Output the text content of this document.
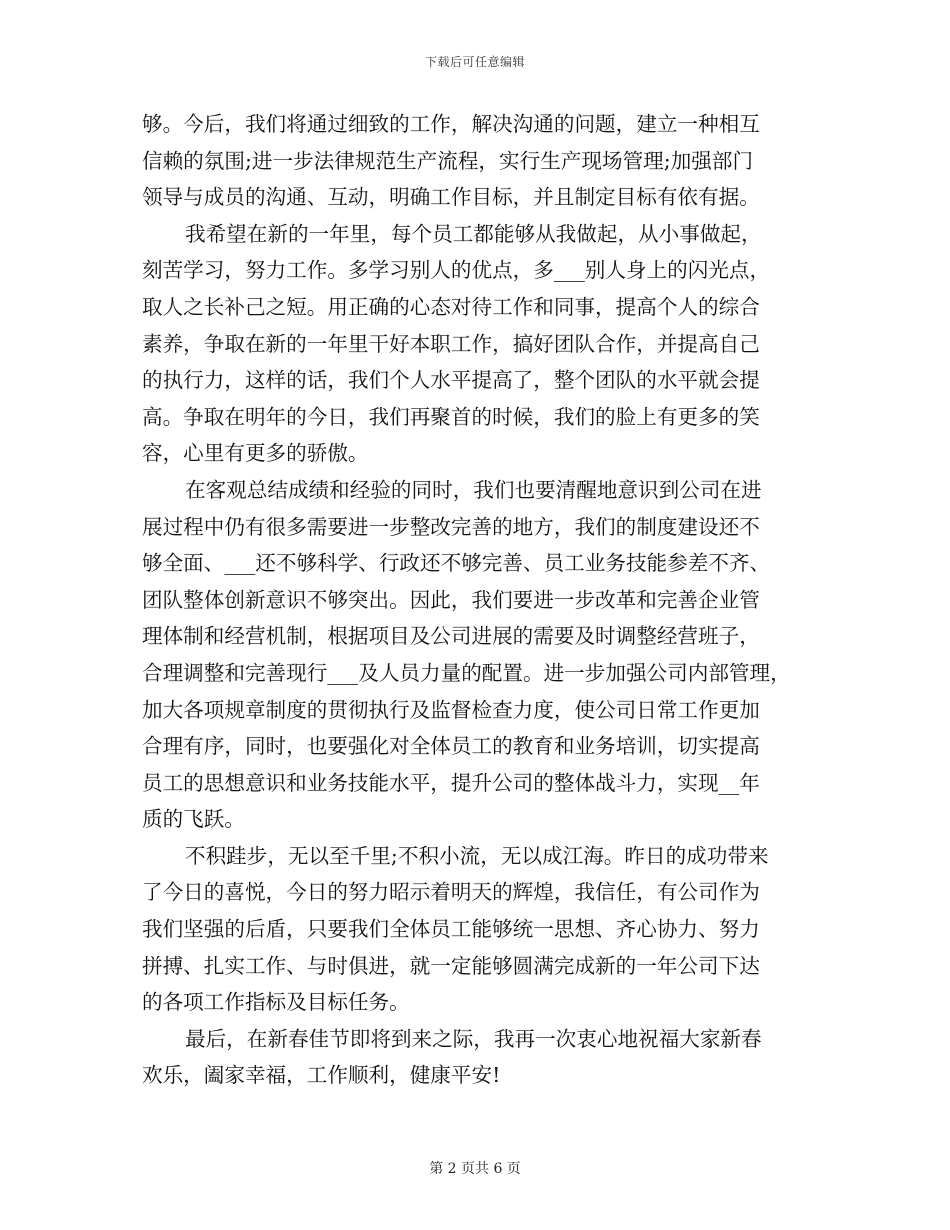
下载后可任意编辑
够。今后，我们将通过细致的工作，解决沟通的问题，建立一种相互
信赖的氛围;进一步法律规范生产流程，实行生产现场管理;加强部门
领导与成员的沟通、互动，明确工作目标，并且制定目标有依有据。
我希望在新的一年里，每个员工都能够从我做起，从小事做起，
刻苦学习，努力工作。多学习别人的优点，多___别人身上的闪光点，
取人之长补己之短。用正确的心态对待工作和同事，提高个人的综合
素养，争取在新的一年里干好本职工作，搞好团队合作，并提高自己
的执行力，这样的话，我们个人水平提高了，整个团队的水平就会提
高。争取在明年的今日，我们再聚首的时候，我们的脸上有更多的笑
容，心里有更多的骄傲。
在客观总结成绩和经验的同时，我们也要清醒地意识到公司在进
展过程中仍有很多需要进一步整改完善的地方，我们的制度建设还不
够全面、___还不够科学、行政还不够完善、员工业务技能参差不齐、
团队整体创新意识不够突出。因此，我们要进一步改革和完善企业管
理体制和经营机制，根据项目及公司进展的需要及时调整经营班子，
合理调整和完善现行___及人员力量的配置。进一步加强公司内部管理，
加大各项规章制度的贯彻执行及监督检查力度，使公司日常工作更加
合理有序，同时，也要强化对全体员工的教育和业务培训，切实提高
员工的思想意识和业务技能水平，提升公司的整体战斗力，实现__年
质的飞跃。
不积跬步，无以至千里;不积小流，无以成江海。昨日的成功带来
了今日的喜悦，今日的努力昭示着明天的辉煌，我信任，有公司作为
我们坚强的后盾，只要我们全体员工能够统一思想、齐心协力、努力
拼搏、扎实工作、与时俱进，就一定能够圆满完成新的一年公司下达
的各项工作指标及目标任务。
最后，在新春佳节即将到来之际，我再一次衷心地祝福大家新春
欢乐，阖家幸福，工作顺利，健康平安!
第 2 页共 6 页
